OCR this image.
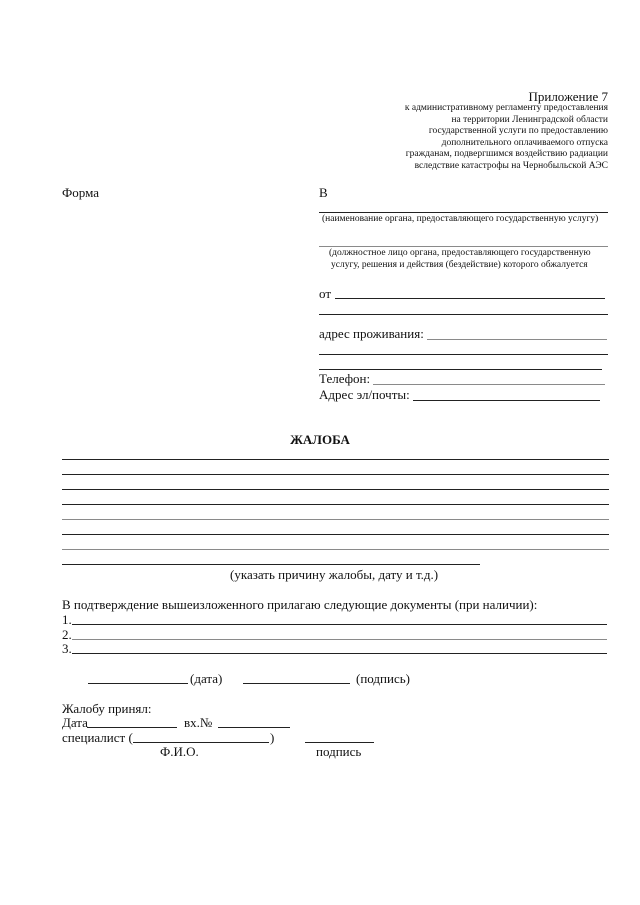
Приложение 7
к административному регламенту предоставления
на территории Ленинградской области
государственной услуги по предоставлению
дополнительного оплачиваемого отпуска
гражданам, подвергшимся воздействию радиации
вследствие катастрофы на Чернобыльской АЭС
Форма	В
(наименование органа, предоставляющего государственную услугу)
(должностное лицо органа, предоставляющего государственную
услугу, решения и действия (бездействие) которого обжалуется
от
адрес проживания:
Телефон:
Адрес эл/почты:
ЖАЛОБА
(указать причину жалобы, дату и т.д.)
В подтверждение вышеизложенного прилагаю следующие документы (при наличии):
1.
2.
3.
(дата)	(подпись)
Жалобу принял:
Дата	вх.№
специалист (	)
Ф.И.О.	подпись
